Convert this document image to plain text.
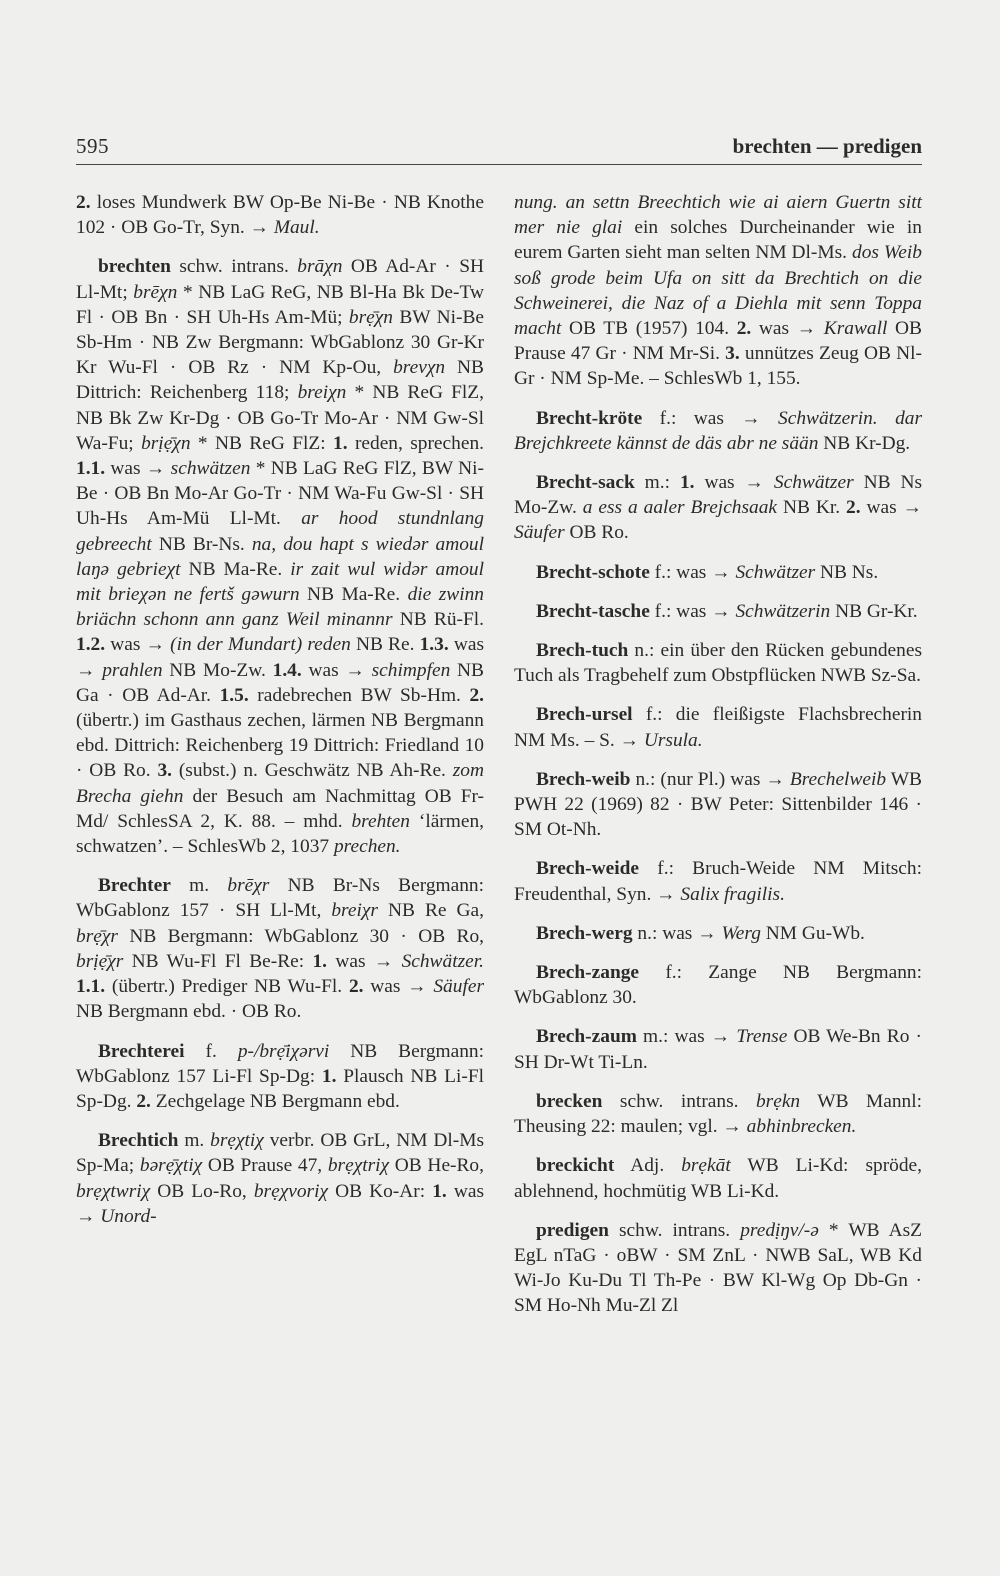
595	brechten — predigen

2. loses Mundwerk BW Op-Be Ni-Be · NB Knothe 102 · OB Go-Tr, Syn. → Maul.

brechten schw. intrans. brāχn OB Ad-Ar · SH Ll-Mt; brēχn * NB LaG ReG, NB Bl-Ha Bk De-Tw Fl · OB Bn · SH Uh-Hs Am-Mü; brẹ̄χn BW Ni-Be Sb-Hm · NB Zw Bergmann: WbGablonz 30 Gr-Kr Kr Wu-Fl · OB Rz · NM Kp-Ou, brevχn NB Dittrich: Reichenberg 118; breiχn * NB ReG FlZ, NB Bk Zw Kr-Dg · OB Go-Tr Mo-Ar · NM Gw-Sl Wa-Fu; brịẹ̄χn * NB ReG FlZ: 1. reden, sprechen. 1.1. was → schwätzen * NB LaG ReG FlZ, BW Ni-Be · OB Bn Mo-Ar Go-Tr · NM Wa-Fu Gw-Sl · SH Uh-Hs Am-Mü Ll-Mt. ar hood stundnlang gebreecht NB Br-Ns. na, dou hapt s wiedər amoul laŋə gebrieχt NB Ma-Re. ir zait wul widər amoul mit brieχən ne fertš gəwurn NB Ma-Re. die zwinn briächn schonn ann ganz Weil minannr NB Rü-Fl. 1.2. was → (in der Mundart) reden NB Re. 1.3. was → prahlen NB Mo-Zw. 1.4. was → schimpfen NB Ga · OB Ad-Ar. 1.5. radebrechen BW Sb-Hm. 2. (übertr.) im Gasthaus zechen, lärmen NB Bergmann ebd. Dittrich: Reichenberg 19 Dittrich: Friedland 10 · OB Ro. 3. (subst.) n. Geschwätz NB Ah-Re. zom Brecha giehn der Besuch am Nachmittag OB Fr-Md/ SchlesSA 2, K. 88. – mhd. brehten ‘lärmen, schwatzen’. – SchlesWb 2, 1037 prechen.

Brechter m. brēχr NB Br-Ns Bergmann: WbGablonz 157 · SH Ll-Mt, breiχr NB Re Ga, brẹ̄χr NB Bergmann: WbGablonz 30 · OB Ro, brịẹ̄χr NB Wu-Fl Fl Be-Re: 1. was → Schwätzer. 1.1. (übertr.) Prediger NB Wu-Fl. 2. was → Säufer NB Bergmann ebd. · OB Ro.

Brechterei f. p-/brẹ̄iχərvi NB Bergmann: WbGablonz 157 Li-Fl Sp-Dg: 1. Plausch NB Li-Fl Sp-Dg. 2. Zechgelage NB Bergmann ebd.

Brechtich m. brẹχtiχ verbr. OB GrL, NM Dl-Ms Sp-Ma; bərẹ̄χtiχ OB Prause 47, brẹχtriχ OB He-Ro, brẹχtwriχ OB Lo-Ro, brẹχvoriχ OB Ko-Ar: 1. was → Unord-

nung. an settn Breechtich wie ai aiern Guertn sitt mer nie glai ein solches Durcheinander wie in eurem Garten sieht man selten NM Dl-Ms. dos Weib soß grode beim Ufa on sitt da Brechtich on die Schweinerei, die Naz of a Diehla mit senn Toppa macht OB TB (1957) 104. 2. was → Krawall OB Prause 47 Gr · NM Mr-Si. 3. unnützes Zeug OB Nl-Gr · NM Sp-Me. – SchlesWb 1, 155.

Brecht-kröte f.: was → Schwätzerin. dar Brejchkreete kännst de däs abr ne sään NB Kr-Dg.

Brecht-sack m.: 1. was → Schwätzer NB Ns Mo-Zw. a ess a aaler Brejchsaak NB Kr. 2. was → Säufer OB Ro.

Brecht-schote f.: was → Schwätzer NB Ns.

Brecht-tasche f.: was → Schwätzerin NB Gr-Kr.

Brech-tuch n.: ein über den Rücken gebundenes Tuch als Tragbehelf zum Obstpflücken NWB Sz-Sa.

Brech-ursel f.: die fleißigste Flachsbrecherin NM Ms. – S. → Ursula.

Brech-weib n.: (nur Pl.) was → Brechelweib WB PWH 22 (1969) 82 · BW Peter: Sittenbilder 146 · SM Ot-Nh.

Brech-weide f.: Bruch-Weide NM Mitsch: Freudenthal, Syn. → Salix fragilis.

Brech-werg n.: was → Werg NM Gu-Wb.

Brech-zange f.: Zange NB Bergmann: WbGablonz 30.

Brech-zaum m.: was → Trense OB We-Bn Ro · SH Dr-Wt Ti-Ln.

brecken schw. intrans. brẹkn WB Mannl: Theusing 22: maulen; vgl. → abhinbrecken.

breckicht Adj. brẹkāt WB Li-Kd: spröde, ablehnend, hochmütig WB Li-Kd.

predigen schw. intrans. predịŋv/-ə * WB AsZ EgL nTaG · oBW · SM ZnL · NWB SaL, WB Kd Wi-Jo Ku-Du Tl Th-Pe · BW Kl-Wg Op Db-Gn · SM Ho-Nh Mu-Zl Zl
